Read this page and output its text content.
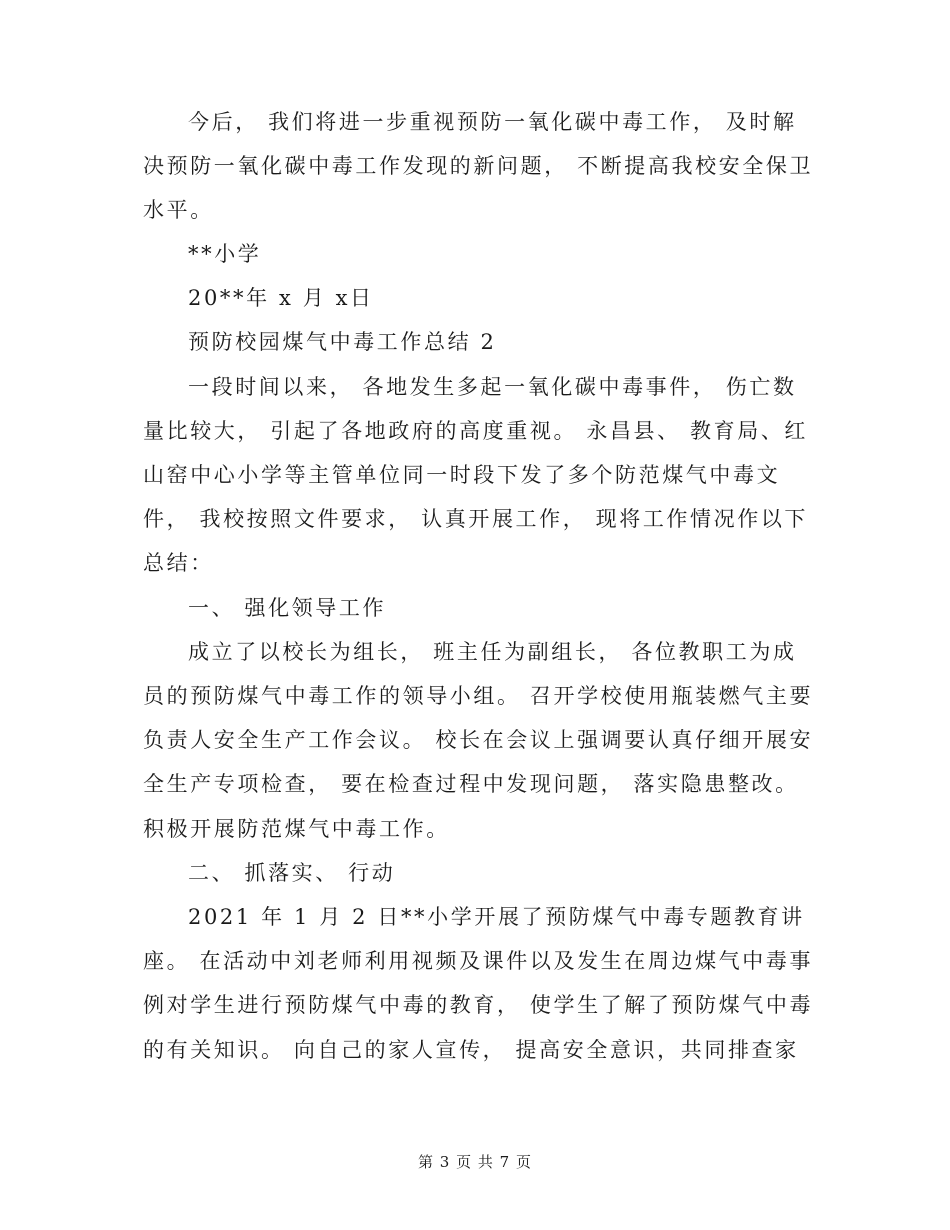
今后， 我们将进一步重视预防一氧化碳中毒工作， 及时解
决预防一氧化碳中毒工作发现的新问题， 不断提高我校安全保卫
水平。
**小学
20**年 x 月 x日
预防校园煤气中毒工作总结 2
一段时间以来， 各地发生多起一氧化碳中毒事件， 伤亡数
量比较大， 引起了各地政府的高度重视。 永昌县、 教育局、红
山窑中心小学等主管单位同一时段下发了多个防范煤气中毒文
件， 我校按照文件要求， 认真开展工作， 现将工作情况作以下
总结：
一、 强化领导工作
成立了以校长为组长， 班主任为副组长， 各位教职工为成
员的预防煤气中毒工作的领导小组。 召开学校使用瓶装燃气主要
负责人安全生产工作会议。 校长在会议上强调要认真仔细开展安
全生产专项检查， 要在检查过程中发现问题， 落实隐患整改。
积极开展防范煤气中毒工作。
二、 抓落实、 行动
2021 年 1 月 2 日**小学开展了预防煤气中毒专题教育讲
座。 在活动中刘老师利用视频及课件以及发生在周边煤气中毒事
例对学生进行预防煤气中毒的教育， 使学生了解了预防煤气中毒
的有关知识。 向自己的家人宣传， 提高安全意识，共同排查家
第 3 页 共 7 页
